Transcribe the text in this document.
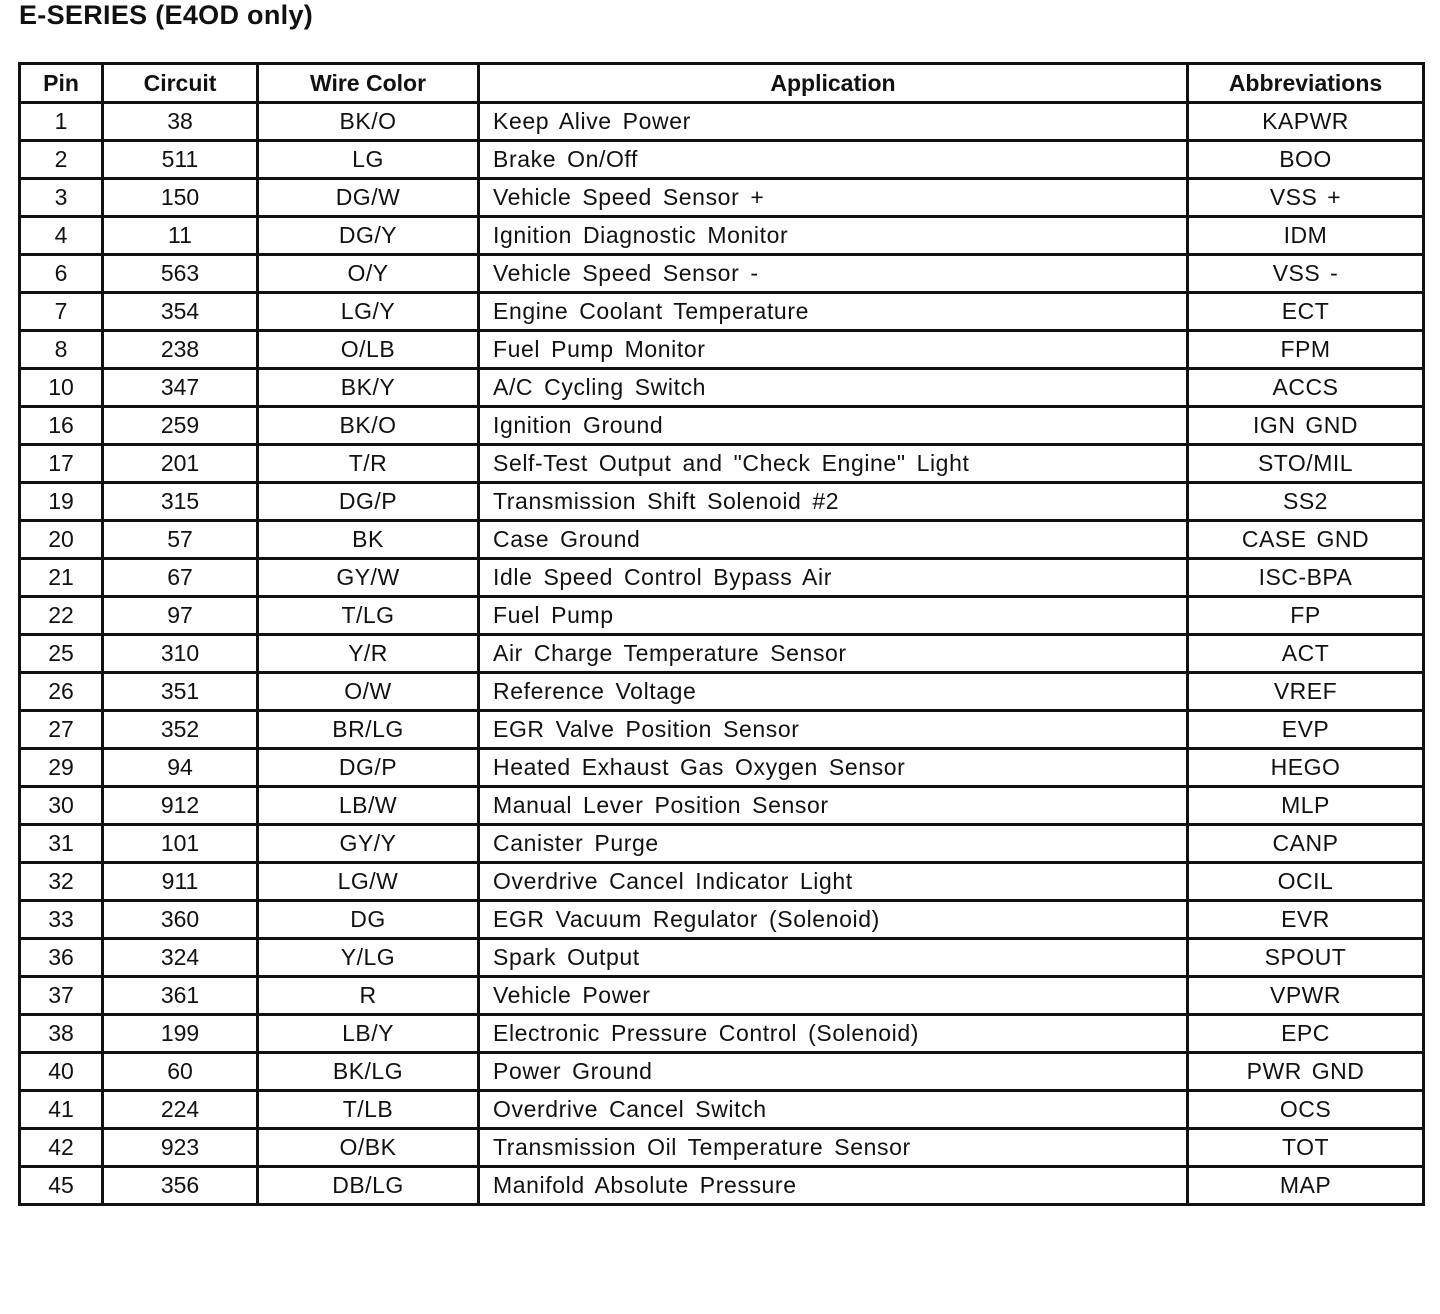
E-SERIES (E4OD only)
Pin	Circuit	Wire Color	Application	Abbreviations
1	38	BK/O	Keep Alive Power	KAPWR
2	511	LG	Brake On/Off	BOO
3	150	DG/W	Vehicle Speed Sensor +	VSS +
4	11	DG/Y	Ignition Diagnostic Monitor	IDM
6	563	O/Y	Vehicle Speed Sensor -	VSS -
7	354	LG/Y	Engine Coolant Temperature	ECT
8	238	O/LB	Fuel Pump Monitor	FPM
10	347	BK/Y	A/C Cycling Switch	ACCS
16	259	BK/O	Ignition Ground	IGN GND
17	201	T/R	Self-Test Output and "Check Engine" Light	STO/MIL
19	315	DG/P	Transmission Shift Solenoid #2	SS2
20	57	BK	Case Ground	CASE GND
21	67	GY/W	Idle Speed Control Bypass Air	ISC-BPA
22	97	T/LG	Fuel Pump	FP
25	310	Y/R	Air Charge Temperature Sensor	ACT
26	351	O/W	Reference Voltage	VREF
27	352	BR/LG	EGR Valve Position Sensor	EVP
29	94	DG/P	Heated Exhaust Gas Oxygen Sensor	HEGO
30	912	LB/W	Manual Lever Position Sensor	MLP
31	101	GY/Y	Canister Purge	CANP
32	911	LG/W	Overdrive Cancel Indicator Light	OCIL
33	360	DG	EGR Vacuum Regulator (Solenoid)	EVR
36	324	Y/LG	Spark Output	SPOUT
37	361	R	Vehicle Power	VPWR
38	199	LB/Y	Electronic Pressure Control (Solenoid)	EPC
40	60	BK/LG	Power Ground	PWR GND
41	224	T/LB	Overdrive Cancel Switch	OCS
42	923	O/BK	Transmission Oil Temperature Sensor	TOT
45	356	DB/LG	Manifold Absolute Pressure	MAP
